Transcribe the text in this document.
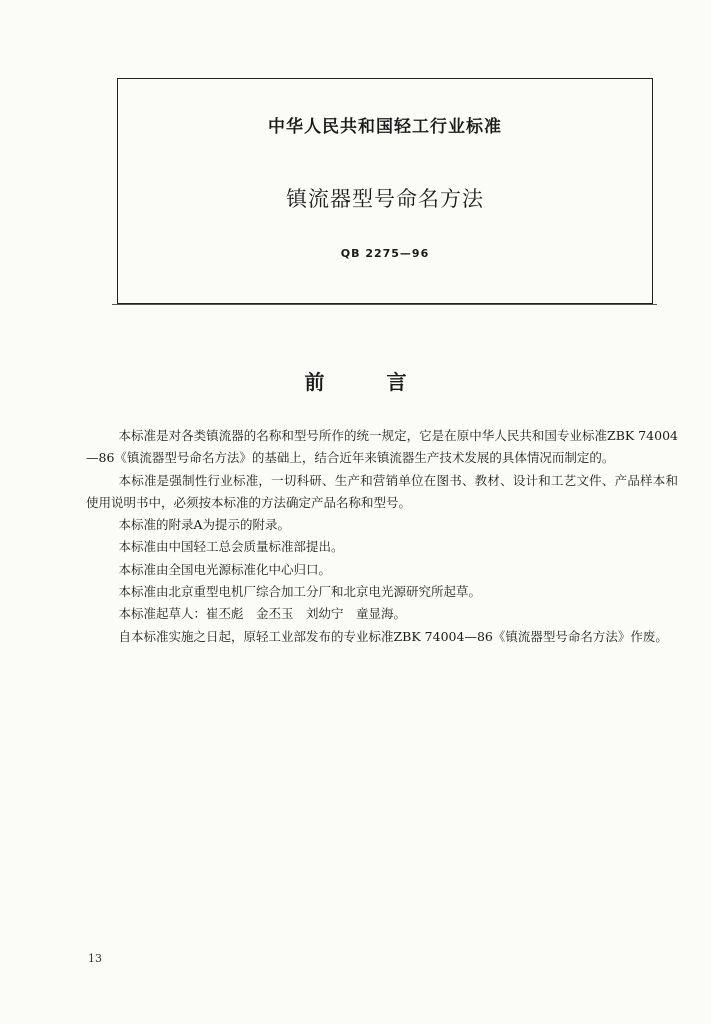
中华人民共和国轻工行业标准
镇流器型号命名方法
QB 2275—96
前	言

本标准是对各类镇流器的名称和型号所作的统一规定，它是在原中华人民共和国专业标准ZBK 74004—86《镇流器型号命名方法》的基础上，结合近年来镇流器生产技术发展的具体情况而制定的。

本标准是强制性行业标准，一切科研、生产和营销单位在图书、教材、设计和工艺文件、产品样本和使用说明书中，必须按本标准的方法确定产品名称和型号。

本标准的附录A为提示的附录。

本标准由中国轻工总会质量标准部提出。

本标准由全国电光源标准化中心归口。

本标准由北京重型电机厂综合加工分厂和北京电光源研究所起草。

本标准起草人：崔丕彪　金丕玉　刘幼宁　童显海。

自本标准实施之日起，原轻工业部发布的专业标准ZBK 74004—86《镇流器型号命名方法》作废。

13
